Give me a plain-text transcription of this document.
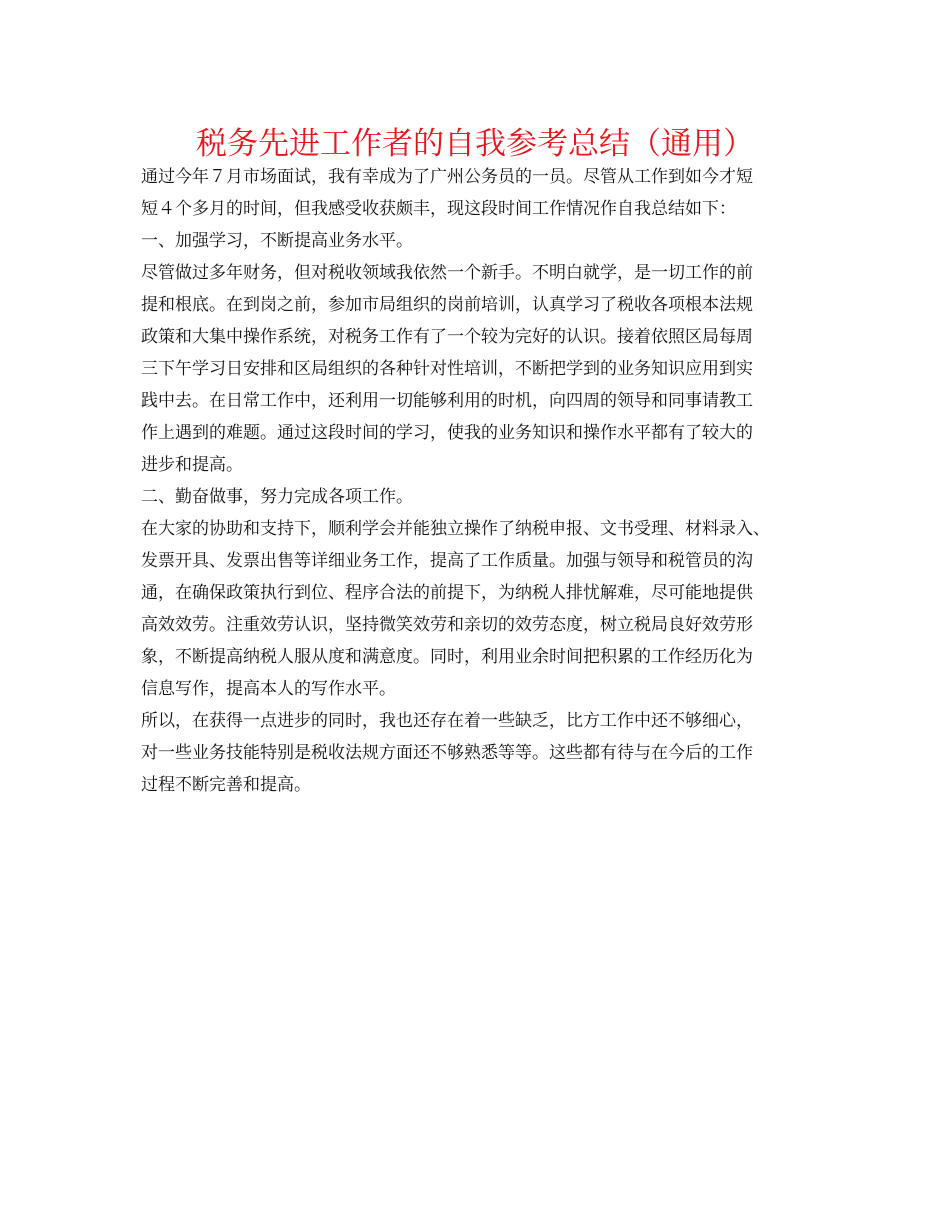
税务先进工作者的自我参考总结（通用）
通过今年７月市场面试，我有幸成为了广州公务员的一员。尽管从工作到如今才短
短４个多月的时间，但我感受收获颇丰，现这段时间工作情况作自我总结如下：
一、加强学习，不断提高业务水平。
尽管做过多年财务，但对税收领域我依然一个新手。不明白就学，是一切工作的前
提和根底。在到岗之前，参加市局组织的岗前培训，认真学习了税收各项根本法规
政策和大集中操作系统，对税务工作有了一个较为完好的认识。接着依照区局每周
三下午学习日安排和区局组织的各种针对性培训，不断把学到的业务知识应用到实
践中去。在日常工作中，还利用一切能够利用的时机，向四周的领导和同事请教工
作上遇到的难题。通过这段时间的学习，使我的业务知识和操作水平都有了较大的
进步和提高。
二、勤奋做事，努力完成各项工作。
在大家的协助和支持下，顺利学会并能独立操作了纳税申报、文书受理、材料录入、
发票开具、发票出售等详细业务工作，提高了工作质量。加强与领导和税管员的沟
通，在确保政策执行到位、程序合法的前提下，为纳税人排忧解难，尽可能地提供
高效效劳。注重效劳认识，坚持微笑效劳和亲切的效劳态度，树立税局良好效劳形
象，不断提高纳税人服从度和满意度。同时，利用业余时间把积累的工作经历化为
信息写作，提高本人的写作水平。
所以，在获得一点进步的同时，我也还存在着一些缺乏，比方工作中还不够细心，
对一些业务技能特别是税收法规方面还不够熟悉等等。这些都有待与在今后的工作
过程不断完善和提高。
